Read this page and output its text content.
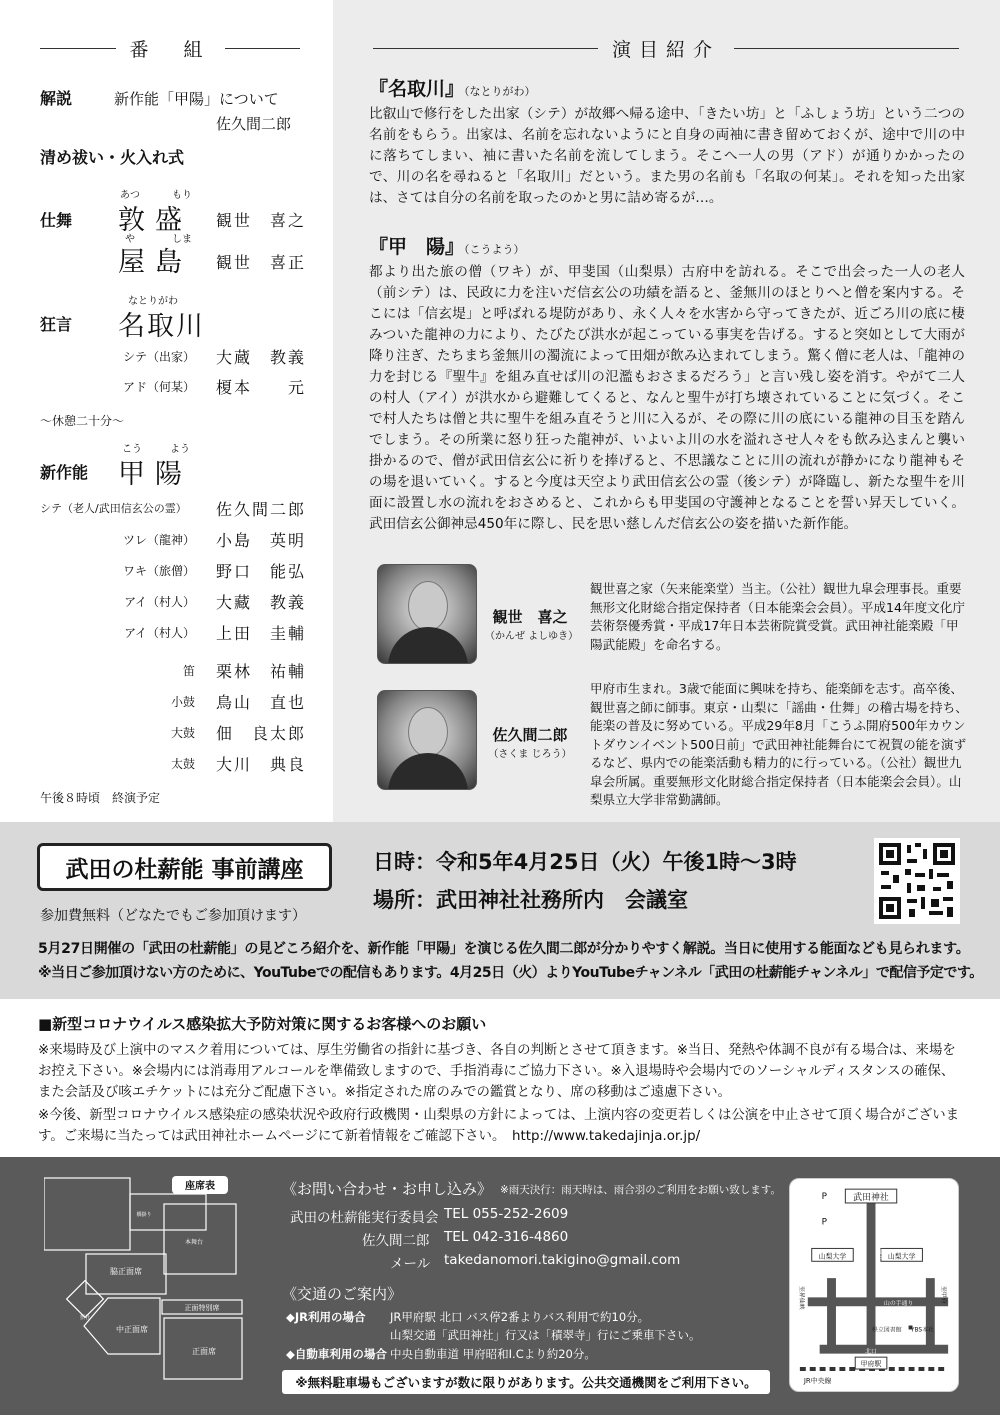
番　組
解説	新作能「甲陽」について
佐久間二郎
清め祓い・火入れ式
あつ	もり
仕舞 敦盛 観世　喜之
や	しま
屋島 観世　喜正
なとりがわ
狂言 名取川
シテ（出家） 大蔵　教義
アド（何某） 榎本　　元
〜休憩二十分〜
こう	よう
新作能 甲陽
シテ（老人/武田信玄公の霊） 佐久間二郎
ツレ（龍神） 小島　英明
ワキ（旅僧） 野口　能弘
アイ（村人） 大藏　教義
アイ（村人） 上田　圭輔
笛 栗林　祐輔
小鼓 鳥山　直也
大鼓 佃　良太郎
太鼓 大川　典良
午後８時頃　終演予定
演目紹介
『名取川』（なとりがわ）
比叡山で修行をした出家（シテ）が故郷へ帰る途中、「きたい坊」と「ふしょう坊」という二つの名前をもらう。出家は、名前を忘れないようにと自身の両袖に書き留めておくが、途中で川の中に落ちてしまい、袖に書いた名前を流してしまう。そこへ一人の男（アド）が通りかかったので、川の名を尋ねると「名取川」だという。また男の名前も「名取の何某」。それを知った出家は、さては自分の名前を取ったのかと男に詰め寄るが…。
『甲　陽』（こうよう）
都より出た旅の僧（ワキ）が、甲斐国（山梨県）古府中を訪れる。そこで出会った一人の老人（前シテ）は、民政に力を注いだ信玄公の功績を語ると、釜無川のほとりへと僧を案内する。そこには「信玄堤」と呼ばれる堤防があり、永く人々を水害から守ってきたが、近ごろ川の底に棲みついた龍神の力により、たびたび洪水が起こっている事実を告げる。すると突如として大雨が降り注ぎ、たちまち釜無川の濁流によって田畑が飲み込まれてしまう。驚く僧に老人は、「龍神の力を封じる『聖牛』を組み直せば川の氾濫もおさまるだろう」と言い残し姿を消す。やがて二人の村人（アイ）が洪水から避難してくると、なんと聖牛が打ち壊されていることに気づく。そこで村人たちは僧と共に聖牛を組み直そうと川に入るが、その際に川の底にいる龍神の目玉を踏んでしまう。その所業に怒り狂った龍神が、いよいよ川の水を溢れさせ人々をも飲み込まんと襲い掛かるので、僧が武田信玄公に祈りを捧げると、不思議なことに川の流れが静かになり龍神もその場を退いていく。すると今度は天空より武田信玄公の霊（後シテ）が降臨し、新たな聖牛を川面に設置し水の流れをおさめると、これからも甲斐国の守護神となることを誓い昇天していく。武田信玄公御神忌450年に際し、民を思い慈しんだ信玄公の姿を描いた新作能。
観世　喜之
（かんぜ よしゆき）
観世喜之家（矢来能楽堂）当主。（公社）観世九皐会理事長。重要無形文化財総合指定保持者（日本能楽会会員）。平成14年度文化庁芸術祭優秀賞・平成17年日本芸術院賞受賞。武田神社能楽殿「甲陽武能殿」を命名する。
佐久間二郎
（さくま じろう）
甲府市生まれ。3歳で能面に興味を持ち、能楽師を志す。高卒後、観世喜之師に師事。東京・山梨に「謡曲・仕舞」の稽古場を持ち、能楽の普及に努めている。平成29年8月「こうふ開府500年カウントダウンイベント500日前」で武田神社能舞台にて祝賀の能を演ずるなど、県内での能楽活動も精力的に行っている。（公社）観世九皐会所属。重要無形文化財総合指定保持者（日本能楽会会員）。山梨県立大学非常勤講師。
武田の杜薪能 事前講座
参加費無料（どなたでもご参加頂けます）
日時：令和5年4月25日（火）午後1時〜3時
場所：武田神社社務所内　会議室
5月27日開催の「武田の杜薪能」の見どころ紹介を、新作能「甲陽」を演じる佐久間二郎が分かりやすく解説。当日に使用する能面なども見られます。
※当日ご参加頂けない方のために、YouTubeでの配信もあります。4月25日（火）よりYouTubeチャンネル「武田の杜薪能チャンネル」で配信予定です。
■新型コロナウイルス感染拡大予防対策に関するお客様へのお願い
※来場時及び上演中のマスク着用については、厚生労働省の指針に基づき、各自の判断とさせて頂きます。※当日、発熱や体調不良が有る場合は、来場をお控え下さい。※会場内には消毒用アルコールを準備致しますので、手指消毒にご協力下さい。※入退場時や会場内でのソーシャルディスタンスの確保、また会話及び咳エチケットには充分ご配慮下さい。※指定された席のみでの鑑賞となり、席の移動はご遠慮下さい。
※今後、新型コロナウイルス感染症の感染状況や政府行政機関・山梨県の方針によっては、上演内容の変更若しくは公演を中止させて頂く場合がございます。ご来場に当たっては武田神社ホームページにて新着情報をご確認下さい。　http://www.takedajinja.or.jp/
座席表
脇正面席
本舞台
橋掛り
正面特別席
中正面席
正面席
摂社
《お問い合わせ・お申し込み》 ※雨天決行：雨天時は、雨合羽のご利用をお願い致します。
武田の杜薪能実行委員会 TEL 055-252-2609
佐久間二郎 TEL 042-316-4860
メール takedanomori.takigino@gmail.com
《交通のご案内》
◆JR利用の場合 JR甲府駅 北口 バス停2番よりバス利用で約10分。
山梨交通「武田神社」行又は「積翠寺」行にご乗車下さい。
◆自動車利用の場合 中央自動車道 甲府昭和I.Cより約20分。
※無料駐車場もございますが数に限りがあります。公共交通機関をご利用下さい。
武田神社
P
P
山梨大学	山梨大学
武田通り
山の手通り
至昇仙峡	至甲府
県立図書館 YBS本社
北口
甲府駅
JR中央線
